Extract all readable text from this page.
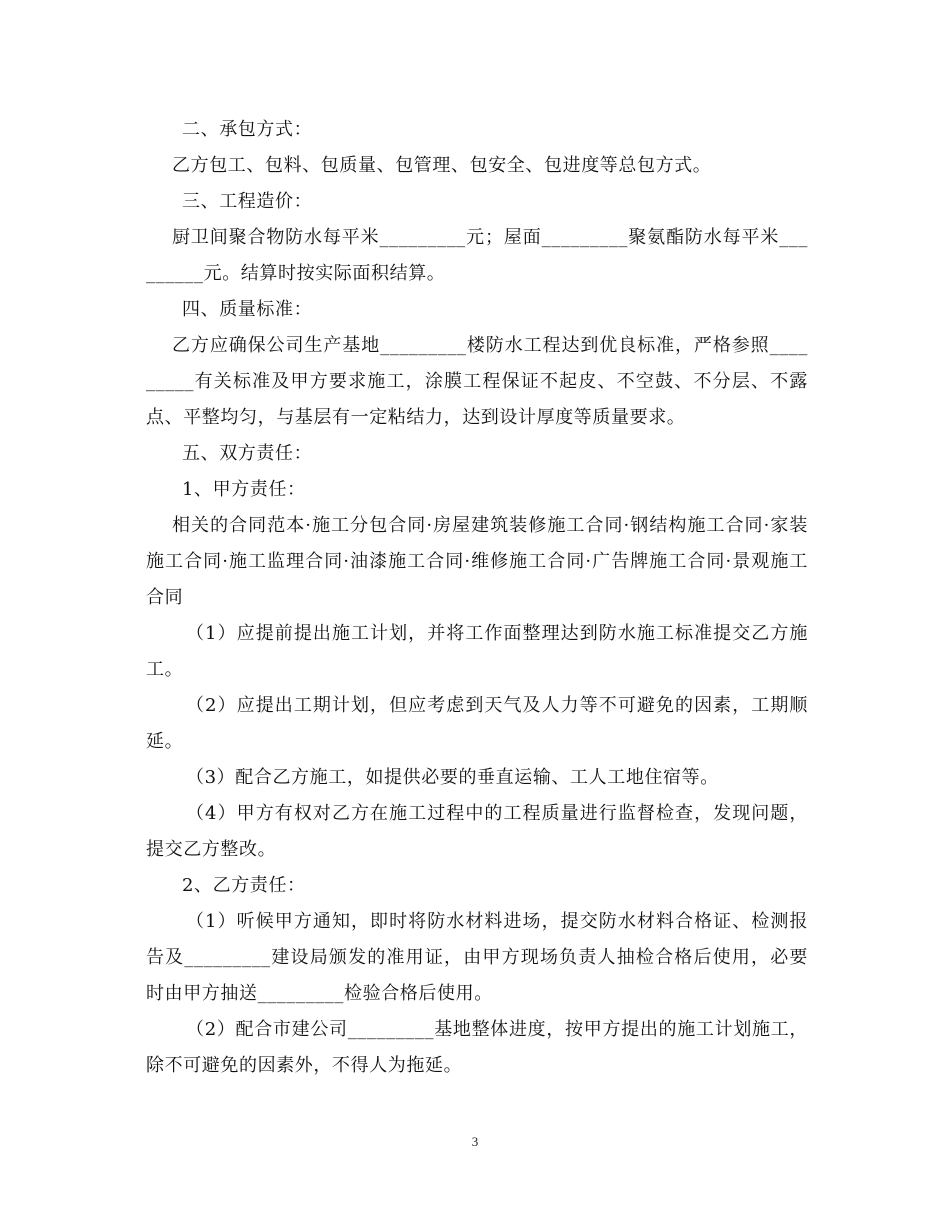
二、承包方式：

乙方包工、包料、包质量、包管理、包安全、包进度等总包方式。

三、工程造价：

厨卫间聚合物防水每平米_________元；屋面_________聚氨酯防水每平米_________元。结算时按实际面积结算。

四、质量标准：

乙方应确保公司生产基地_________楼防水工程达到优良标准，严格参照_________有关标准及甲方要求施工，涂膜工程保证不起皮、不空鼓、不分层、不露点、平整均匀，与基层有一定粘结力，达到设计厚度等质量要求。

五、双方责任：

1、甲方责任：

相关的合同范本·施工分包合同·房屋建筑装修施工合同·钢结构施工合同·家装施工合同·施工监理合同·油漆施工合同·维修施工合同·广告牌施工合同·景观施工合同

（1）应提前提出施工计划，并将工作面整理达到防水施工标准提交乙方施工。

（2）应提出工期计划，但应考虑到天气及人力等不可避免的因素，工期顺延。

（3）配合乙方施工，如提供必要的垂直运输、工人工地住宿等。

（4）甲方有权对乙方在施工过程中的工程质量进行监督检查，发现问题，提交乙方整改。

2、乙方责任：

（1）听候甲方通知，即时将防水材料进场，提交防水材料合格证、检测报告及_________建设局颁发的准用证，由甲方现场负责人抽检合格后使用，必要时由甲方抽送_________检验合格后使用。

（2）配合市建公司_________基地整体进度，按甲方提出的施工计划施工，除不可避免的因素外，不得人为拖延。

3
